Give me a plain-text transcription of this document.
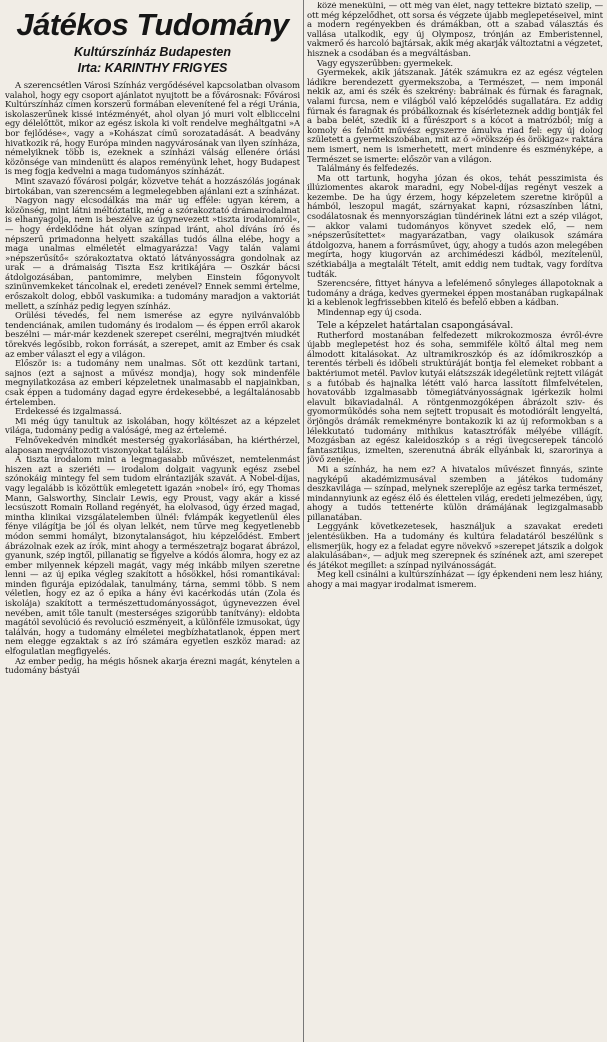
Játékos Tudomány
Kultúrszínház Budapesten
Irta: KARINTHY FRIGYES

A szerencsétlen Városi Színház vergődésével kapcsolatban olvasom valahol, hogy egy csoport ajánlatot nyujtott be a fővárosnak: Fővárosi Kultúrszínház címen korszerű formában elevenítené fel a régi Uránia, iskolaszerűnek kissé intézményét, ahol olyan jó muri volt elbliccelni egy délelőttöt, mikor az egész iskola ki volt rendelve megháltgatni »A bor fejlődése«, vagy a »Kohászat című sorozatadását. A beadvány hivatkozik rá, hogy Európa minden nagyvárosának van ilyen színháza, némelyiknek több is, ezeknek a színházi válság ellenére óriási közönsége van mindenütt és alapos reményünk lehet, hogy Budapest is meg fogja kedvelni a maga tudományos színházát.

Mint szavazó fővárosi polgár, közvetve tehát a hozzászólás jogának birtokában, van szerencsém a legmelegebben ajánlani ezt a színházat.

Nagyon nagy elcsodálkás ma már ug efféle: ugyan kérem, a közönség, mint látni méltóztatik, még a szórakoztató drámairodalmat is elhanyagolja, nem is beszélve az úgynevezett »tiszta irodalomról«, — hogy érdeklődne hát olyan színpad iránt, ahol díváns író és népszerű primadonna helyett szakállas tudós állna elébe, hogy a maga unalmas elméletét elmagyarázza! Vagy talán valami »népszerűsítő« szórakoztatva oktató látványosságra gondolnak az urak — a drámaiság Tiszta Esz kritikájára — Oszkár bácsi átdolgozásában, pantomimre, melyben Einstein főgonyvolt szinünvemkeket táncolnak el, eredeti zenével? Ennek semmi értelme, erőszakolt dolog, ebből vaskumika: a tudomány maradjon a vaktoriát mellett, a színház pedig legyen színház.

Orülési tévedés, fel nem ismerése az egyre nyilvánvalóbb tendenciának, amilen tudomány és irodalom — és éppen erről akarok beszélni — már-már kezdenek szerepet cserélni, megrajtvén miudkét törekvés legősibb, rokon forrását, a szerepet, amit az Ember és csak az ember választ el egy a világon.

Először is: a tudomány nem unalmas. Sőt ott kezdünk tartani, sajnos (ezt a sajnost a művész mondja), hogy sok mindenféle megnyilatkozása az emberi képzeletnek unalmasabb el napjainkban, csak éppen a tudomány dagad egyre érdekesebbé, a legáltalánosabb értelemben.

Erdekessé és izgalmassá.

Mi még úgy tanultuk az iskolában, hogy költészet az a képzelet világa, tudomány pedig a valóságé, meg az értelemé.

Felnővekedvén mindkét mesterség gyakorlásában, ha kiérthérzel, alaposan megváltozott viszonyokat találsz.

A tiszta irodalom mint a legmagasabb művészet, nemtelenmást hiszen azt a szeriéti — irodalom dolgait vagyunk egész zsebel szónokáig mintegy fel sem tudom elrántaziják szavát. A Nobel-díjas, vagy legalább is közöttük emlegetett igazán »nobel« író, egy Thomas Mann, Galsworthy, Sinclair Lewis, egy Proust, vagy akár a kissé lecsúszott Romain Rolland regényét, ha elolvasod, úgy érzed magad, mintha klinikai vizsgálatelemben ülnél: fvlámpák kegyetlenül éles fénye világítja be jól és olyan lelkét, nem tűrve meg kegyetlenebb módon semmi homályt, bizonytalanságot, hiu képzelődést. Embert ábrázolnak ezek az írók, mint ahogy a természetrajz bogarat ábrázol, gyanunk, szép ingtől, pillanatig se figyelve a kódós álomra, hogy ez az ember milyennek képzeli magát, vagy még inkább milyen szeretne lenni — az új epika végleg szakított a hősökkel, hősi romantikával: minden figurája epizódalak, tanulmány, tárna, semmi több. S nem véletlen, hogy ez az ő epika a hány évi kacérkodás után (Zola és iskolája) szakított a természettudományosságot, úgynevezzen ével nevében, amit tőle tanult (mesterséges szigorúbb tanítvány): eldobta magától sevolúció és revolució eszményeit, a különféle izmusokat, úgy találván, hogy a tudomány elméletei megbízhatatlanok, éppen mert nem elegge egzaktak s az író számára egyetlen eszköz marad: az elfogulatlan megfigyelés.

Az ember pedig, ha mégis hősnek akarja érezni magát, kénytelen a tudomány bástyái

közé menekülni, — ott még van élet, nagy tettekre biztató szelíp, — ott még képzelődhet, ott sorsa és végzete újabb meglepetéseivel, mint a modern regényekben és drámákban, ott a szabad választás és vallása utalkodik, egy új Olymposz, trónján az Emberistennel, vakmerő és harcoló bajtársak, akik még akarják változtatni a végzetet, hisznek a csodában és a megváltásban.

Vagy egyszerűbben: gyermekek.

Gyermekek, akik játszanak. Játék számukra ez az egész végtelen ládikre berendezett gyermekszoba, a Természet, — nem imponál nekik az, ami és szék és szekrény: babráinak és fúrnak és faragnak, valami furcsa, nem e világból való képzelődés sugallatára. Ez addig fúrnak és faragnak és próbálkoznak és kísérleteznek addig bontják fel a baba belét, szedik ki a fűrészport s a kócot a matrózból; míg a komoly és felnőtt művész egyszerre ámulva riad fel: egy új dolog született a gyermekszobában, mit az ő »örökszép és örökigaz« raktára nem ismert, nem is ismerhetett, mert mindenre és eszményképe, a Természet se ismerte: először van a világon.

Találmány és felfedezés.

Ma ott tartunk, hogyha józan és okos, tehát pesszimista és illúziomentes akarok maradni, egy Nobel-díjas regényt veszek a kezembe. De ha úgy érzem, hogy képzeletem szeretne kiröpül a hámból, leszopul magát, szárnyakat kapni, rózsaszínben látni, csodálatosnak és mennyországian tündérinek látni ezt a szép világot, — akkor valami tudományos könyvet szedek elő, — nem »népszerűsítettet« magyarázatban, vagy olaikusok számára átdolgozva, hanem a forrásművet, úgy, ahogy a tudós azon melegében megírta, hogy kiugorván az archimédeszi kádból, mezítelenül, szétkiabálja a megtalált Tételt, amit eddig nem tudtak, vagy fordítva tudták.

Szerencsére, fittyet hányva a lefelémenő sőnyleges állapotoknak a tudomány a drága, kedves gyermekei éppen mostanában rugkapálnak ki a keblenok legfrissebben kitelő és befelő ebben a kádban.

Mindennap egy új csoda.

Tele a képzelet határtalan csapongásával.

Rutherford mostanában felfedezett mikrokozmosza évről-évre újabb meglepetést hoz és soha, semmiféle költő által meg nem álmodott kitalásokat. Az ultramikroszkóp és az ídőmikroszkóp a terentés térbeli és időbeli struktúráját bontja fel elemeket robbant a baktériumot metél. Pavlov kutyái elátszszák idegéletünk rejtett világát s a futóbab és hajnalka lététt való harca lassított filmfelvételen, hovatovább izgalmasabb tömegiátványosságnak igérkezik holmi elavult bikaviadalnál. A röntgenmozgóképen ábrázolt sziv- és gyomorműködés soha nem sejtett tropusait és motodiórált lengyeltá, örjöngös drámák remekményre bontakozik ki az új reformokban s a lélekkutató tudomány mithikus katasztrófák mélyébe villágít. Mozgásban az egész kaleidoszkóp s a régi üvegcserepek táncoló fantasztikus, izmelten, szerenutná ábrák ellyánbak ki, szarorinya a jövő zenéje.

Mi a színház, ha nem ez? A hivatalos művészet finnyás, szinte nagyképű akadémizmusával szemben a játékos tudomány deszkavilága — színpad, melynek szereplője az egész tarka természet, mindannyiunk az egész élő és élettelen világ, eredeti jelmezében, úgy, ahogy a tudós tettenérte külön drámájának legizgalmasabb pillanatában.

Leggyánk következetesek, használjuk a szavakat eredeti jelentésükben. Ha a tudomány és kultúra feladatáról beszélünk s elismerjük, hogy ez a feladat egyre növekvő »szerepet játszik a dolgok alakulásában«, — adjuk meg szerepnek és színének azt, ami szerepet és játékot megillet: a színpad nyilvánosságát.

Meg kell csinálni a kultúrszínházat — így épkendeni nem lesz hiány, ahogy a mai magyar irodalmat ismerem.
